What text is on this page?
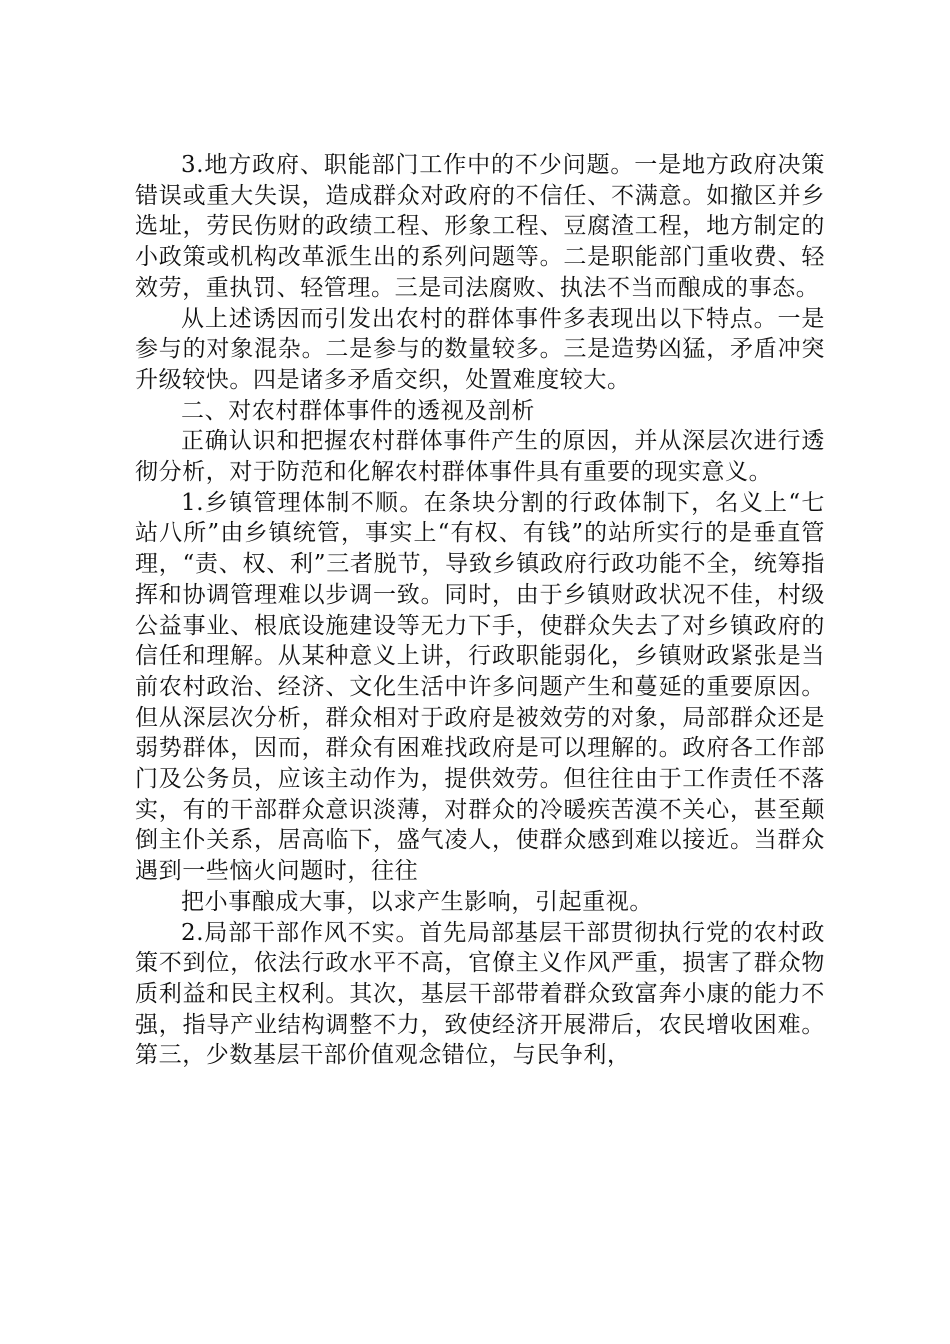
3.地方政府、职能部门工作中的不少问题。一是地方政府决策错误或重大失误，造成群众对政府的不信任、不满意。如撤区并乡选址，劳民伤财的政绩工程、形象工程、豆腐渣工程，地方制定的小政策或机构改革派生出的系列问题等。二是职能部门重收费、轻效劳，重执罚、轻管理。三是司法腐败、执法不当而酿成的事态。

从上述诱因而引发出农村的群体事件多表现出以下特点。一是参与的对象混杂。二是参与的数量较多。三是造势凶猛，矛盾冲突升级较快。四是诸多矛盾交织，处置难度较大。

二、对农村群体事件的透视及剖析

正确认识和把握农村群体事件产生的原因，并从深层次进行透彻分析，对于防范和化解农村群体事件具有重要的现实意义。

1.乡镇管理体制不顺。在条块分割的行政体制下，名义上“七站八所”由乡镇统管，事实上“有权、有钱”的站所实行的是垂直管理，“责、权、利”三者脱节，导致乡镇政府行政功能不全，统筹指挥和协调管理难以步调一致。同时，由于乡镇财政状况不佳，村级公益事业、根底设施建设等无力下手，使群众失去了对乡镇政府的信任和理解。从某种意义上讲，行政职能弱化，乡镇财政紧张是当前农村政治、经济、文化生活中许多问题产生和蔓延的重要原因。但从深层次分析，群众相对于政府是被效劳的对象，局部群众还是弱势群体，因而，群众有困难找政府是可以理解的。政府各工作部门及公务员，应该主动作为，提供效劳。但往往由于工作责任不落实，有的干部群众意识淡薄，对群众的冷暖疾苦漠不关心，甚至颠倒主仆关系，居高临下，盛气凌人，使群众感到难以接近。当群众遇到一些恼火问题时，往往

把小事酿成大事，以求产生影响，引起重视。

2.局部干部作风不实。首先局部基层干部贯彻执行党的农村政策不到位，依法行政水平不高，官僚主义作风严重，损害了群众物质利益和民主权利。其次，基层干部带着群众致富奔小康的能力不强，指导产业结构调整不力，致使经济开展滞后，农民增收困难。第三，少数基层干部价值观念错位，与民争利，
